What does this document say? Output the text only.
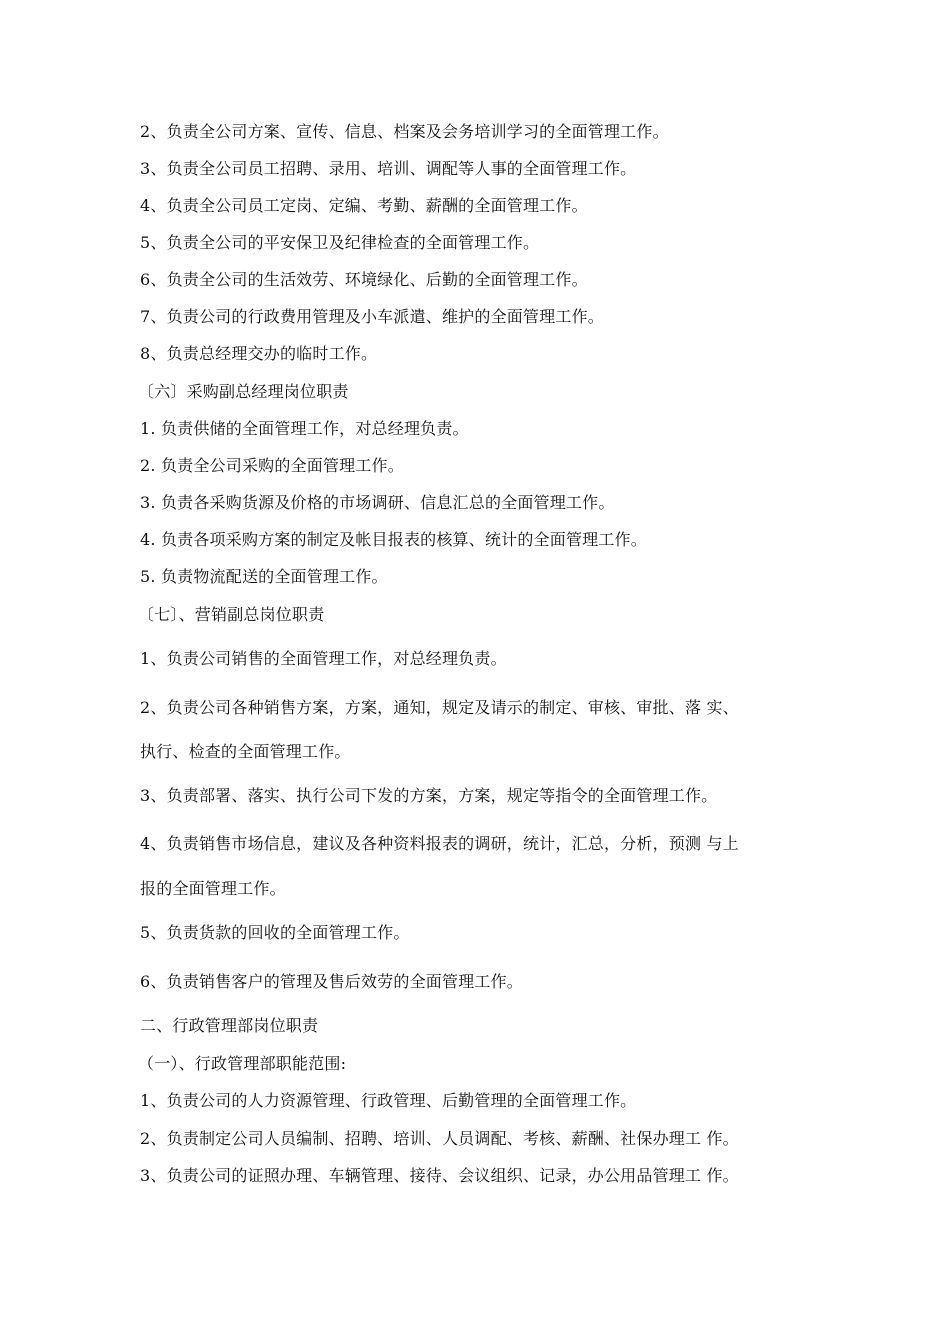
2、负责全公司方案、宣传、信息、档案及会务培训学习的全面管理工作。
3、负责全公司员工招聘、录用、培训、调配等人事的全面管理工作。
4、负责全公司员工定岗、定编、考勤、薪酬的全面管理工作。
5、负责全公司的平安保卫及纪律检查的全面管理工作。
6、负责全公司的生活效劳、环境绿化、后勤的全面管理工作。
7、负责公司的行政费用管理及小车派遣、维护的全面管理工作。
8、负责总经理交办的临时工作。
〔六〕采购副总经理岗位职责
1. 负责供储的全面管理工作，对总经理负责。
2. 负责全公司采购的全面管理工作。
3. 负责各采购货源及价格的市场调研、信息汇总的全面管理工作。
4. 负责各项采购方案的制定及帐目报表的核算、统计的全面管理工作。
5. 负责物流配送的全面管理工作。
〔七〕、营销副总岗位职责
1、负责公司销售的全面管理工作，对总经理负责。
2、负责公司各种销售方案，方案，通知，规定及请示的制定、审核、审批、落 实、
执行、检查的全面管理工作。
3、负责部署、落实、执行公司下发的方案，方案，规定等指令的全面管理工作。
4、负责销售市场信息，建议及各种资料报表的调研，统计，汇总，分析，预测 与上
报的全面管理工作。
5、负责货款的回收的全面管理工作。
6、负责销售客户的管理及售后效劳的全面管理工作。
二、行政管理部岗位职责
（一）、行政管理部职能范围:
1、负责公司的人力资源管理、行政管理、后勤管理的全面管理工作。
2、负责制定公司人员编制、招聘、培训、人员调配、考核、薪酬、社保办理工 作。
3、负责公司的证照办理、车辆管理、接待、会议组织、记录，办公用品管理工 作。
